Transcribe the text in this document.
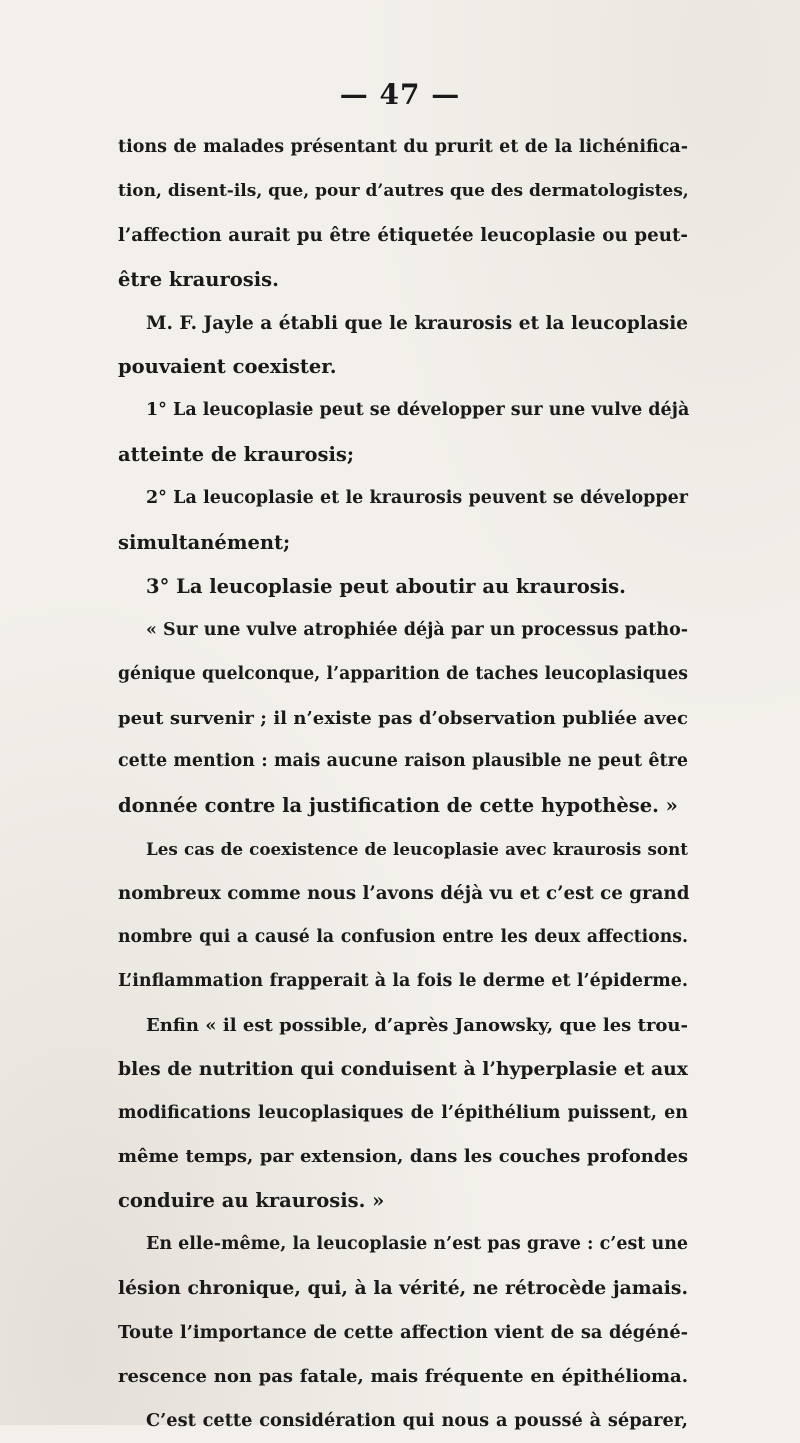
— 47 —
tions de malades présentant du prurit et de la lichénifica-
tion, disent-ils, que, pour d’autres que des dermatologistes,
l’affection aurait pu être étiquetée leucoplasie ou peut-
être kraurosis.
M. F. Jayle a établi que le kraurosis et la leucoplasie
pouvaient coexister.
1° La leucoplasie peut se développer sur une vulve déjà
atteinte de kraurosis;
2° La leucoplasie et le kraurosis peuvent se développer
simultanément;
3° La leucoplasie peut aboutir au kraurosis.
« Sur une vulve atrophiée déjà par un processus patho-
génique quelconque, l’apparition de taches leucoplasiques
peut survenir ; il n’existe pas d’observation publiée avec
cette mention : mais aucune raison plausible ne peut être
donnée contre la justification de cette hypothèse. »
Les cas de coexistence de leucoplasie avec kraurosis sont
nombreux comme nous l’avons déjà vu et c’est ce grand
nombre qui a causé la confusion entre les deux affections.
L’inflammation frapperait à la fois le derme et l’épiderme.
Enfin « il est possible, d’après Janowsky, que les trou-
bles de nutrition qui conduisent à l’hyperplasie et aux
modifications leucoplasiques de l’épithélium puissent, en
même temps, par extension, dans les couches profondes
conduire au kraurosis. »
En elle-même, la leucoplasie n’est pas grave : c’est une
lésion chronique, qui, à la vérité, ne rétrocède jamais.
Toute l’importance de cette affection vient de sa dégéné-
rescence non pas fatale, mais fréquente en épithélioma.
C’est cette considération qui nous a poussé à séparer,
